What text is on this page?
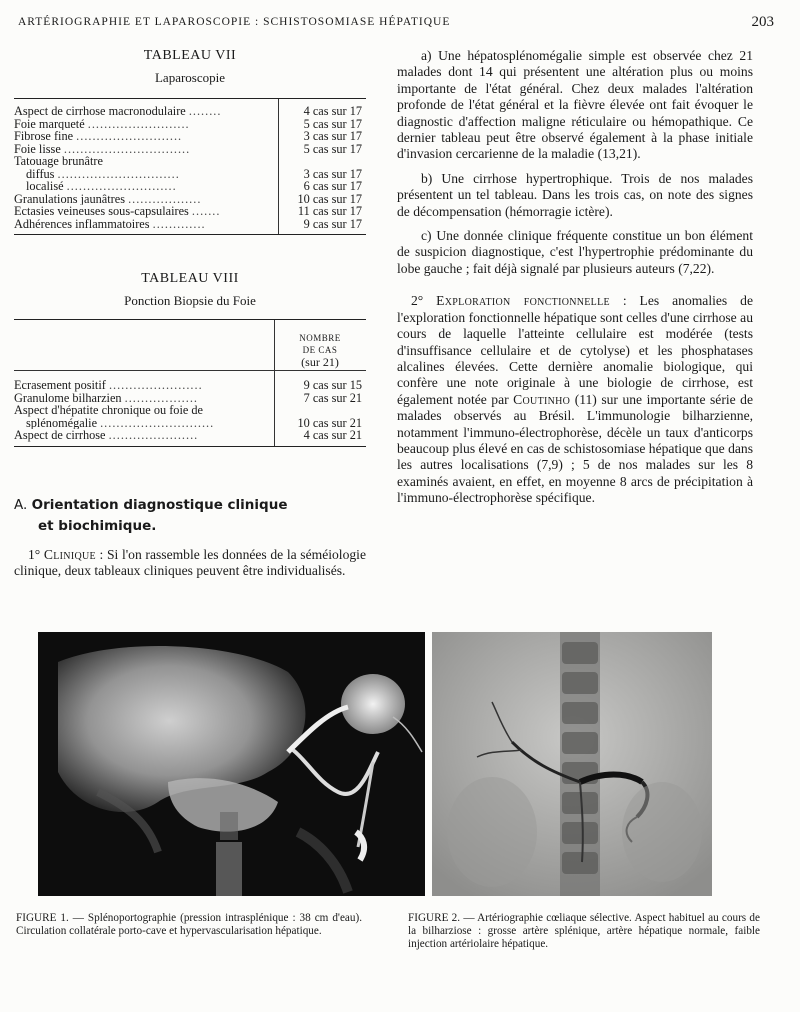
ARTÉRIOGRAPHIE ET LAPAROSCOPIE : SCHISTOSOMIASE HÉPATIQUE	203
TABLEAU VII
Laparoscopie
Aspect de cirrhose macronodulaire ........	4 cas sur 17
Foie marqueté .........................	5 cas sur 17
Fibrose fine ..........................	3 cas sur 17
Foie lisse ...............................	5 cas sur 17
Tatouage brunâtre
diffus ..............................	3 cas sur 17
localisé ...........................	6 cas sur 17
Granulations jaunâtres ..................	10 cas sur 17
Ectasies veineuses sous-capsulaires .......	11 cas sur 17
Adhérences inflammatoires .............	9 cas sur 17
TABLEAU VIII
Ponction Biopsie du Foie
NOMBRE
DE CAS
(sur 21)
Ecrasement positif .......................	9 cas sur 15
Granulome bilharzien ..................	7 cas sur 21
Aspect d'hépatite chronique ou foie de
splénomégalie ............................	10 cas sur 21
Aspect de cirrhose ......................	4 cas sur 21
A. Orientation diagnostique clinique
et biochimique.

1° Clinique : Si l'on rassemble les données de la séméiologie clinique, deux tableaux cliniques peuvent être individualisés.

a) Une hépatosplénomégalie simple est observée chez 21 malades dont 14 qui présentent une altération plus ou moins importante de l'état général. Chez deux malades l'altération profonde de l'état général et la fièvre élevée ont fait évoquer le diagnostic d'affection maligne réticulaire ou hémopathique. Ce dernier tableau peut être observé également à la phase initiale d'invasion cercarienne de la maladie (13,21).

b) Une cirrhose hypertrophique. Trois de nos malades présentent un tel tableau. Dans les trois cas, on note des signes de décompensation (hémorragie ictère).

c) Une donnée clinique fréquente constitue un bon élément de suspicion diagnostique, c'est l'hypertrophie prédominante du lobe gauche ; fait déjà signalé par plusieurs auteurs (7,22).

2° Exploration fonctionnelle : Les anomalies de l'exploration fonctionnelle hépatique sont celles d'une cirrhose au cours de laquelle l'atteinte cellulaire est modérée (tests d'insuffisance cellulaire et de cytolyse) et les phosphatases alcalines élevées. Cette dernière anomalie biologique, qui confère une note originale à une biologie de cirrhose, est également notée par Coutinho (11) sur une importante série de malades observés au Brésil. L'immunologie bilharzienne, notamment l'immuno-électrophorèse, décèle un taux d'anticorps beaucoup plus élevé en cas de schistosomiase hépatique que dans les autres localisations (7,9) ; 5 de nos malades sur les 8 examinés avaient, en effet, en moyenne 8 arcs de précipitation à l'immuno-électrophorèse spécifique.

FIGURE 1. — Splénoportographie (pression intrasplénique : 38 cm d'eau). Circulation collatérale porto-cave et hypervascularisation hépatique.
FIGURE 2. — Artériographie cœliaque sélective. Aspect habituel au cours de la bilharziose : grosse artère splénique, artère hépatique normale, faible injection artériolaire hépatique.
